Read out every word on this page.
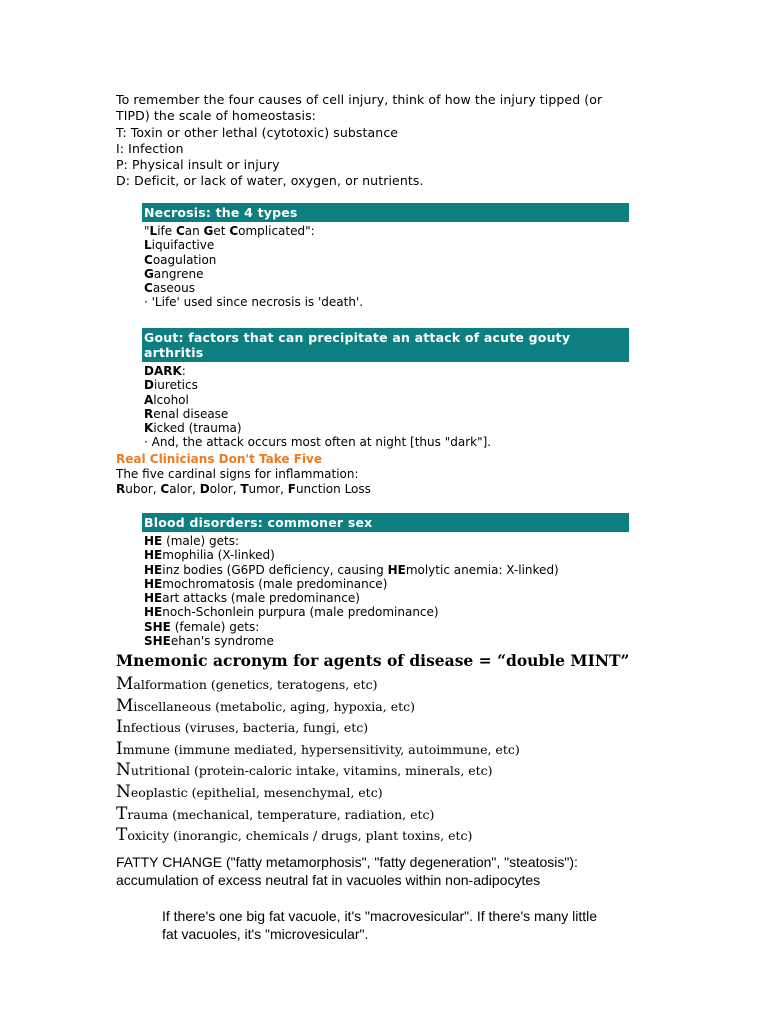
To remember the four causes of cell injury, think of how the injury tipped (or
TIPD) the scale of homeostasis:
T: Toxin or other lethal (cytotoxic) substance
I: Infection
P: Physical insult or injury
D: Deficit, or lack of water, oxygen, or nutrients.
Necrosis: the 4 types
"Life Can Get Complicated":
Liquifactive
Coagulation
Gangrene
Caseous
· 'Life' used since necrosis is 'death'.
Gout: factors that can precipitate an attack of acute gouty arthritis
DARK:
Diuretics
Alcohol
Renal disease
Kicked (trauma)
· And, the attack occurs most often at night [thus "dark"].
Real Clinicians Don't Take Five
The five cardinal signs for inflammation:
Rubor, Calor, Dolor, Tumor, Function Loss
Blood disorders: commoner sex
HE (male) gets:
HEmophilia (X-linked)
HEinz bodies (G6PD deficiency, causing HEmolytic anemia: X-linked)
HEmochromatosis (male predominance)
HEart attacks (male predominance)
HEnoch-Schonlein purpura (male predominance)
SHE (female) gets:
SHEehan's syndrome
Mnemonic acronym for agents of disease = “double MINT”
Malformation (genetics, teratogens, etc)
Miscellaneous (metabolic, aging, hypoxia, etc)
Infectious (viruses, bacteria, fungi, etc)
Immune (immune mediated, hypersensitivity, autoimmune, etc)
Nutritional (protein-caloric intake, vitamins, minerals, etc)
Neoplastic (epithelial, mesenchymal, etc)
Trauma (mechanical, temperature, radiation, etc)
Toxicity (inorangic, chemicals / drugs, plant toxins, etc)
FATTY CHANGE ("fatty metamorphosis", "fatty degeneration", "steatosis"):
accumulation of excess neutral fat in vacuoles within non-adipocytes
If there's one big fat vacuole, it's "macrovesicular". If there's many little
fat vacuoles, it's "microvesicular".
